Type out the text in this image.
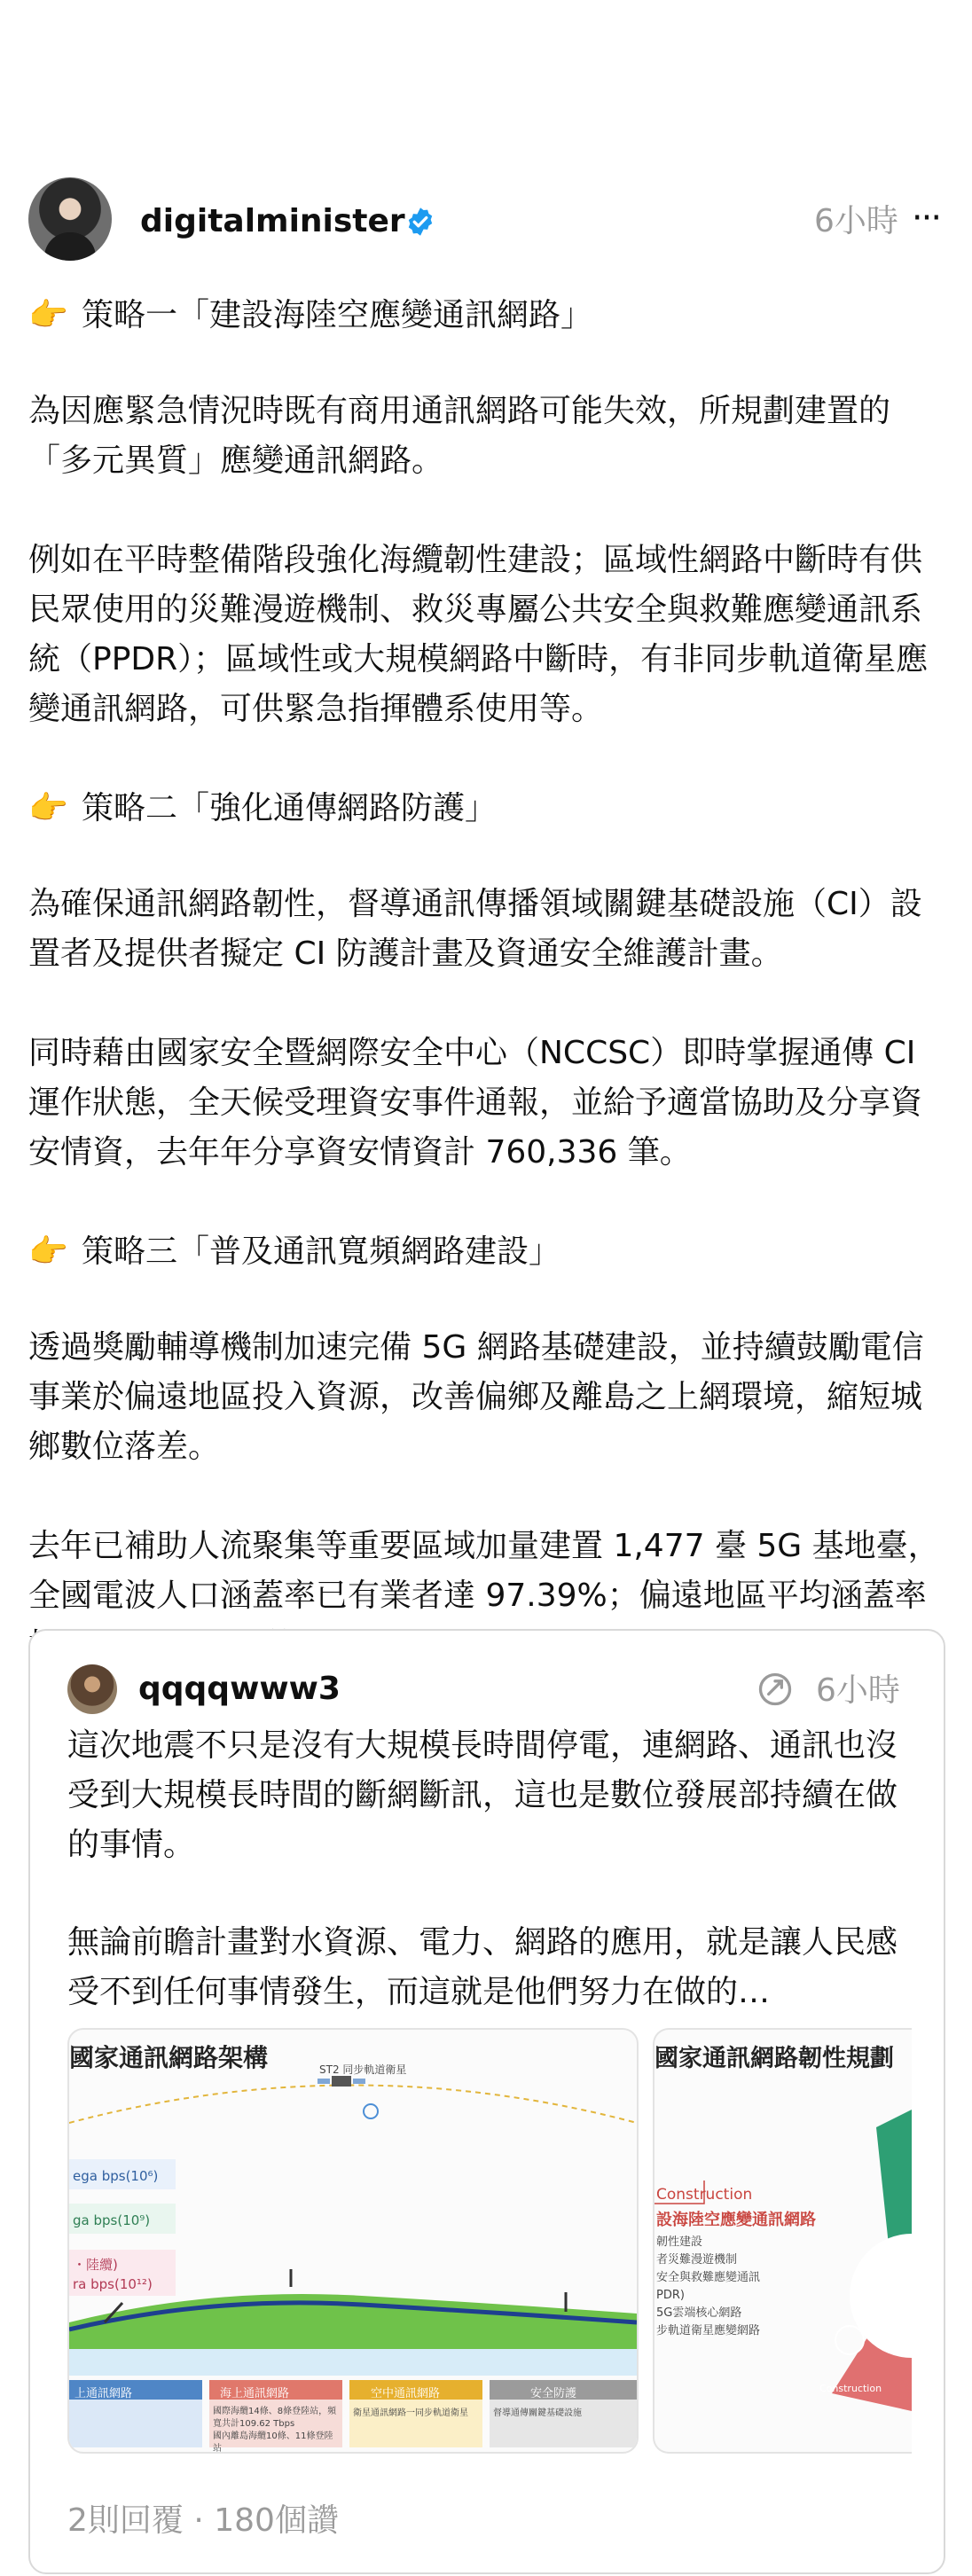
digitalminister	6小時 ···

👉 策略一「建設海陸空應變通訊網路」

為因應緊急情況時既有商用通訊網路可能失效，所規劃建置的「多元異質」應變通訊網路。

例如在平時整備階段強化海纜韌性建設；區域性網路中斷時有供民眾使用的災難漫遊機制、救災專屬公共安全與救難應變通訊系統（PPDR）；區域性或大規模網路中斷時，有非同步軌道衛星應變通訊網路，可供緊急指揮體系使用等。

👉 策略二「強化通傳網路防護」

為確保通訊網路韌性，督導通訊傳播領域關鍵基礎設施（CI）設置者及提供者擬定 CI 防護計畫及資通安全維護計畫。

同時藉由國家安全暨網際安全中心（NCCSC）即時掌握通傳 CI 運作狀態，全天候受理資安事件通報，並給予適當協助及分享資安情資，去年年分享資安情資計 760,336 筆。

👉 策略三「普及通訊寬頻網路建設」

透過獎勵輔導機制加速完備 5G 網路基礎建設，並持續鼓勵電信事業於偏遠地區投入資源，改善偏鄉及離島之上網環境，縮短城鄉數位落差。

去年已補助人流聚集等重要區域加量建置 1,477 臺 5G 基地臺，全國電波人口涵蓋率已有業者達 97.39%；偏遠地區平均涵蓋率

qqqqwww3	6小時

這次地震不只是沒有大規模長時間停電，連網路、通訊也沒受到大規模長時間的斷網斷訊，這也是數位發展部持續在做的事情。

無論前瞻計畫對水資源、電力、網路的應用，就是讓人民感受不到任何事情發生，而這就是他們努力在做的…

國家通訊網路架構	ST2 同步軌道衛星
ega bps(10⁶)
ga bps(10⁹)
・陸纜)
ra bps(10¹²)
上通訊網路	海上通訊網路	空中通訊網路	安全防護
國際海纜14條、8條登陸站，頻寬共計109.62 Tbps
國內離島海纜10條、11條登陸站
衛星通訊網路一同步軌道衛星	督導通傳關鍵基礎設施
國家通訊網路韌性規劃
Construction
設海陸空應變通訊網路
韌性建設
者災難漫遊機制
安全與救難應變通訊
PDR)
5G雲端核心網路
步軌道衛星應變網路
Construction
2則回覆 · 180個讚
